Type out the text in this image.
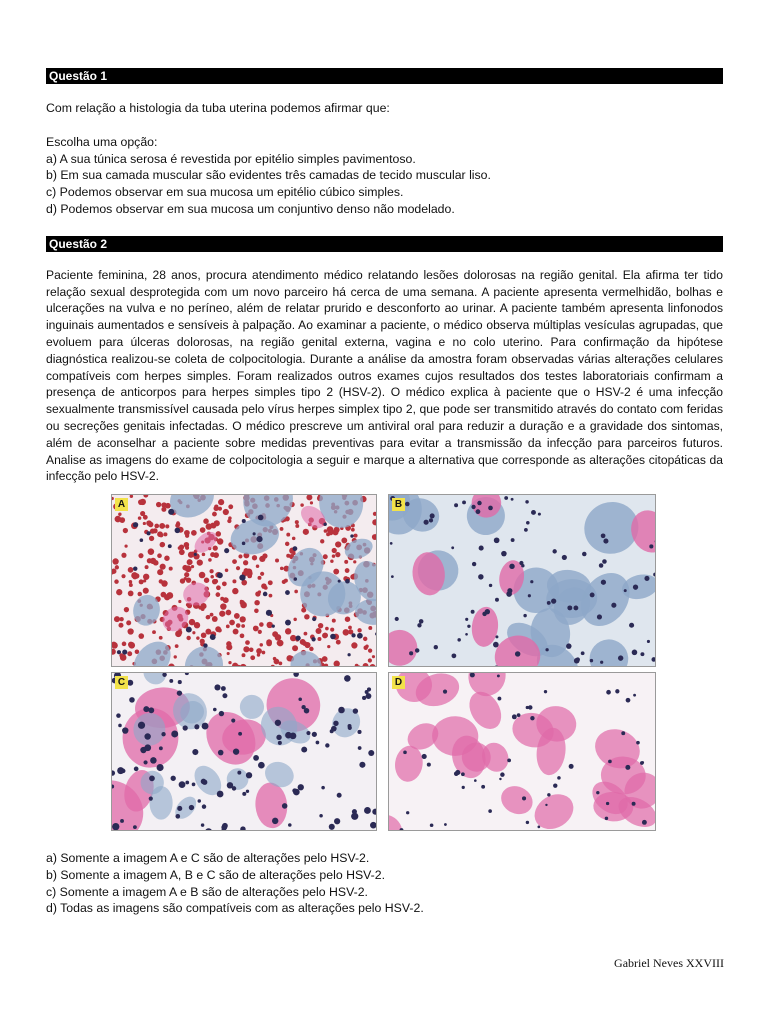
Questão 1
Com relação a histologia da tuba uterina podemos afirmar que:
Escolha uma opção:
a) A sua túnica serosa é revestida por epitélio simples pavimentoso.
b) Em sua camada muscular são evidentes três camadas de tecido muscular liso.
c) Podemos observar em sua mucosa um epitélio cúbico simples.
d) Podemos observar em sua mucosa um conjuntivo denso não modelado.
Questão 2
Paciente feminina, 28 anos, procura atendimento médico relatando lesões dolorosas na região genital. Ela afirma ter tido relação sexual desprotegida com um novo parceiro há cerca de uma semana. A paciente apresenta vermelhidão, bolhas e ulcerações na vulva e no períneo, além de relatar prurido e desconforto ao urinar. A paciente também apresenta linfonodos inguinais aumentados e sensíveis à palpação. Ao examinar a paciente, o médico observa múltiplas vesículas agrupadas, que evoluem para úlceras dolorosas, na região genital externa, vagina e no colo uterino. Para confirmação da hipótese diagnóstica realizou-se coleta de colpocitologia. Durante a análise da amostra foram observadas várias alterações celulares compatíveis com herpes simples. Foram realizados outros exames cujos resultados dos testes laboratoriais confirmam a presença de anticorpos para herpes simples tipo 2 (HSV-2). O médico explica à paciente que o HSV-2 é uma infecção sexualmente transmissível causada pelo vírus herpes simplex tipo 2, que pode ser transmitido através do contato com feridas ou secreções genitais infectadas. O médico prescreve um antiviral oral para reduzir a duração e a gravidade dos sintomas, além de aconselhar a paciente sobre medidas preventivas para evitar a transmissão da infecção para parceiros futuros. Analise as imagens do exame de colpocitologia a seguir e marque a alternativa que corresponde as alterações citopáticas da infecção pelo HSV-2.
A	B
C	D
a) Somente a imagem A e C são de alterações pelo HSV-2.
b) Somente a imagem A, B e C são de alterações pelo HSV-2.
c) Somente a imagem A e B são de alterações pelo HSV-2.
d) Todas as imagens são compatíveis com as alterações pelo HSV-2.
Gabriel Neves XXVIII
